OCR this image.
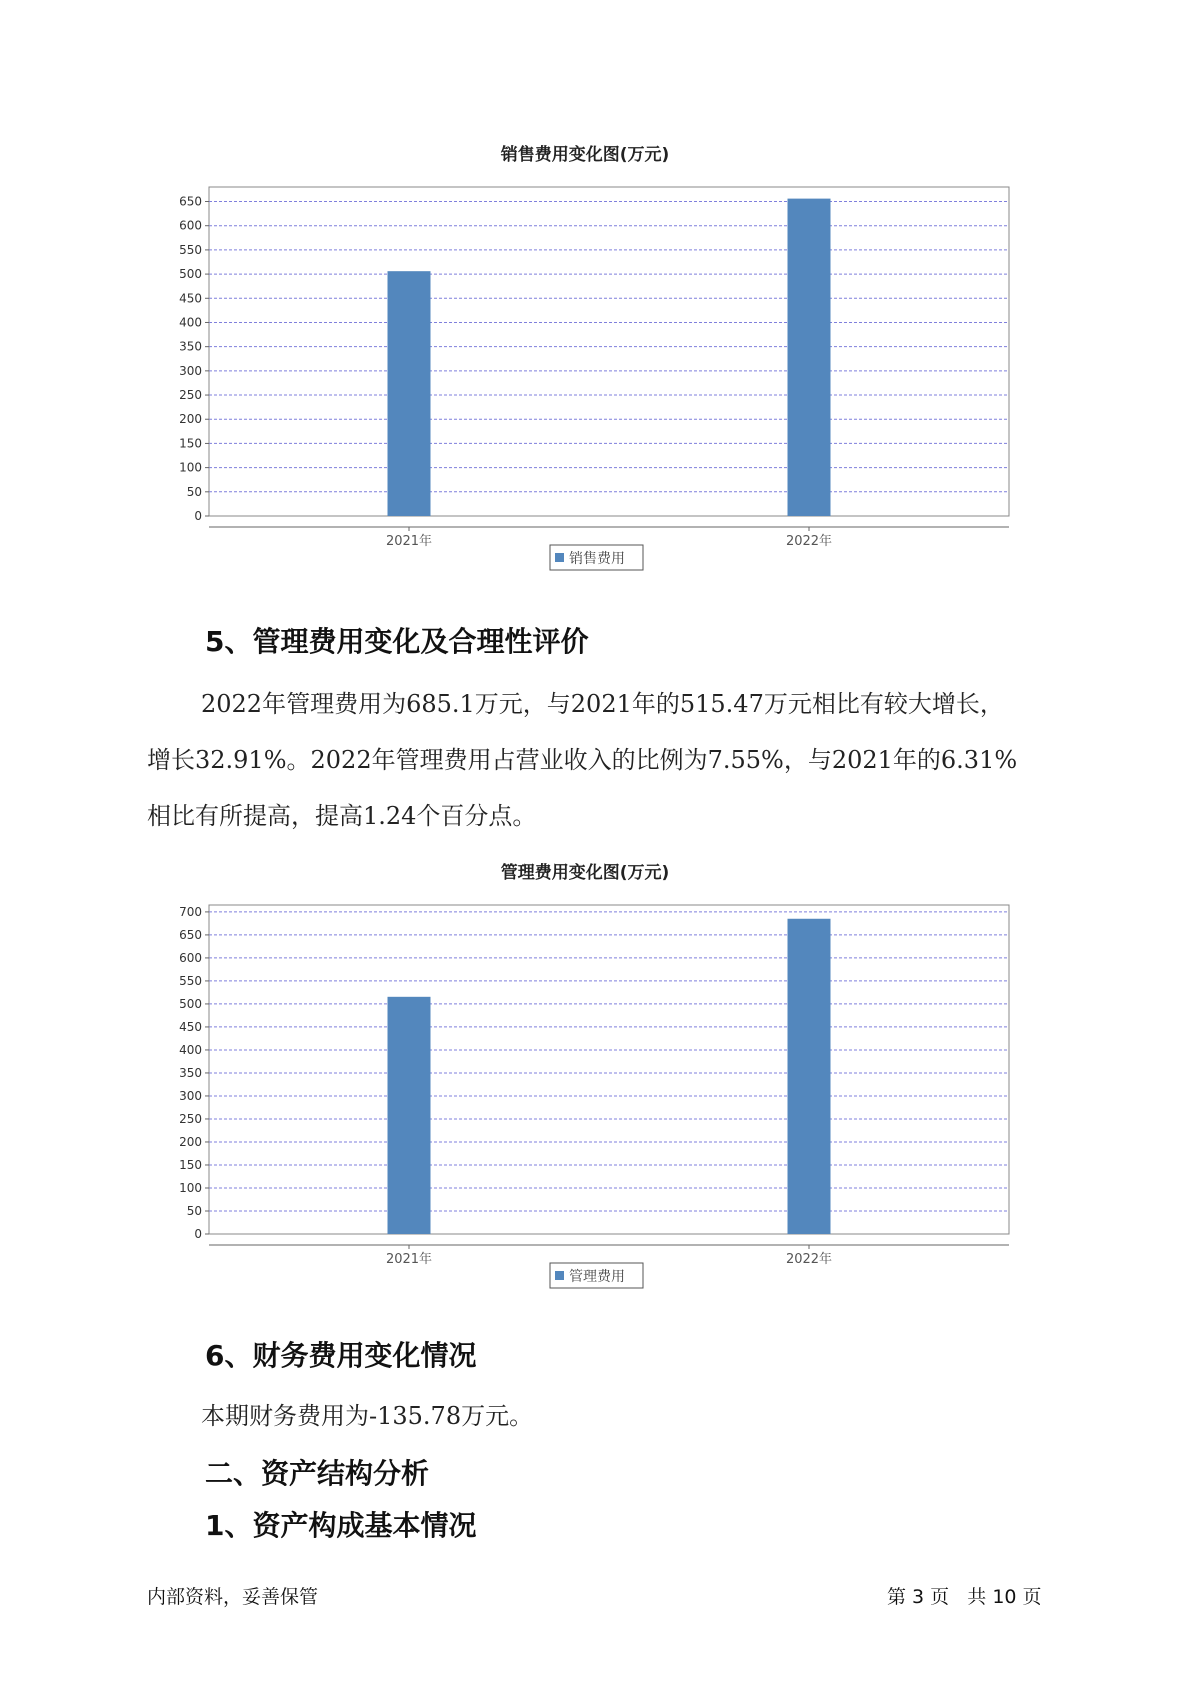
销售费用变化图(万元)
0
50
100
150
200
250
300
350
400
450
500
550
600
650
2021年	2022年
销售费用
5、管理费用变化及合理性评价
2022年管理费用为685.1万元，与2021年的515.47万元相比有较大增长，
增长32.91%。2022年管理费用占营业收入的比例为7.55%，与2021年的6.31%
相比有所提高，提高1.24个百分点。
管理费用变化图(万元)
0
50
100
150
200
250
300
350
400
450
500
550
600
650
700
2021年	2022年
管理费用
6、财务费用变化情况
本期财务费用为-135.78万元。
二、资产结构分析
1、资产构成基本情况
内部资料，妥善保管	第 3 页   共 10 页
